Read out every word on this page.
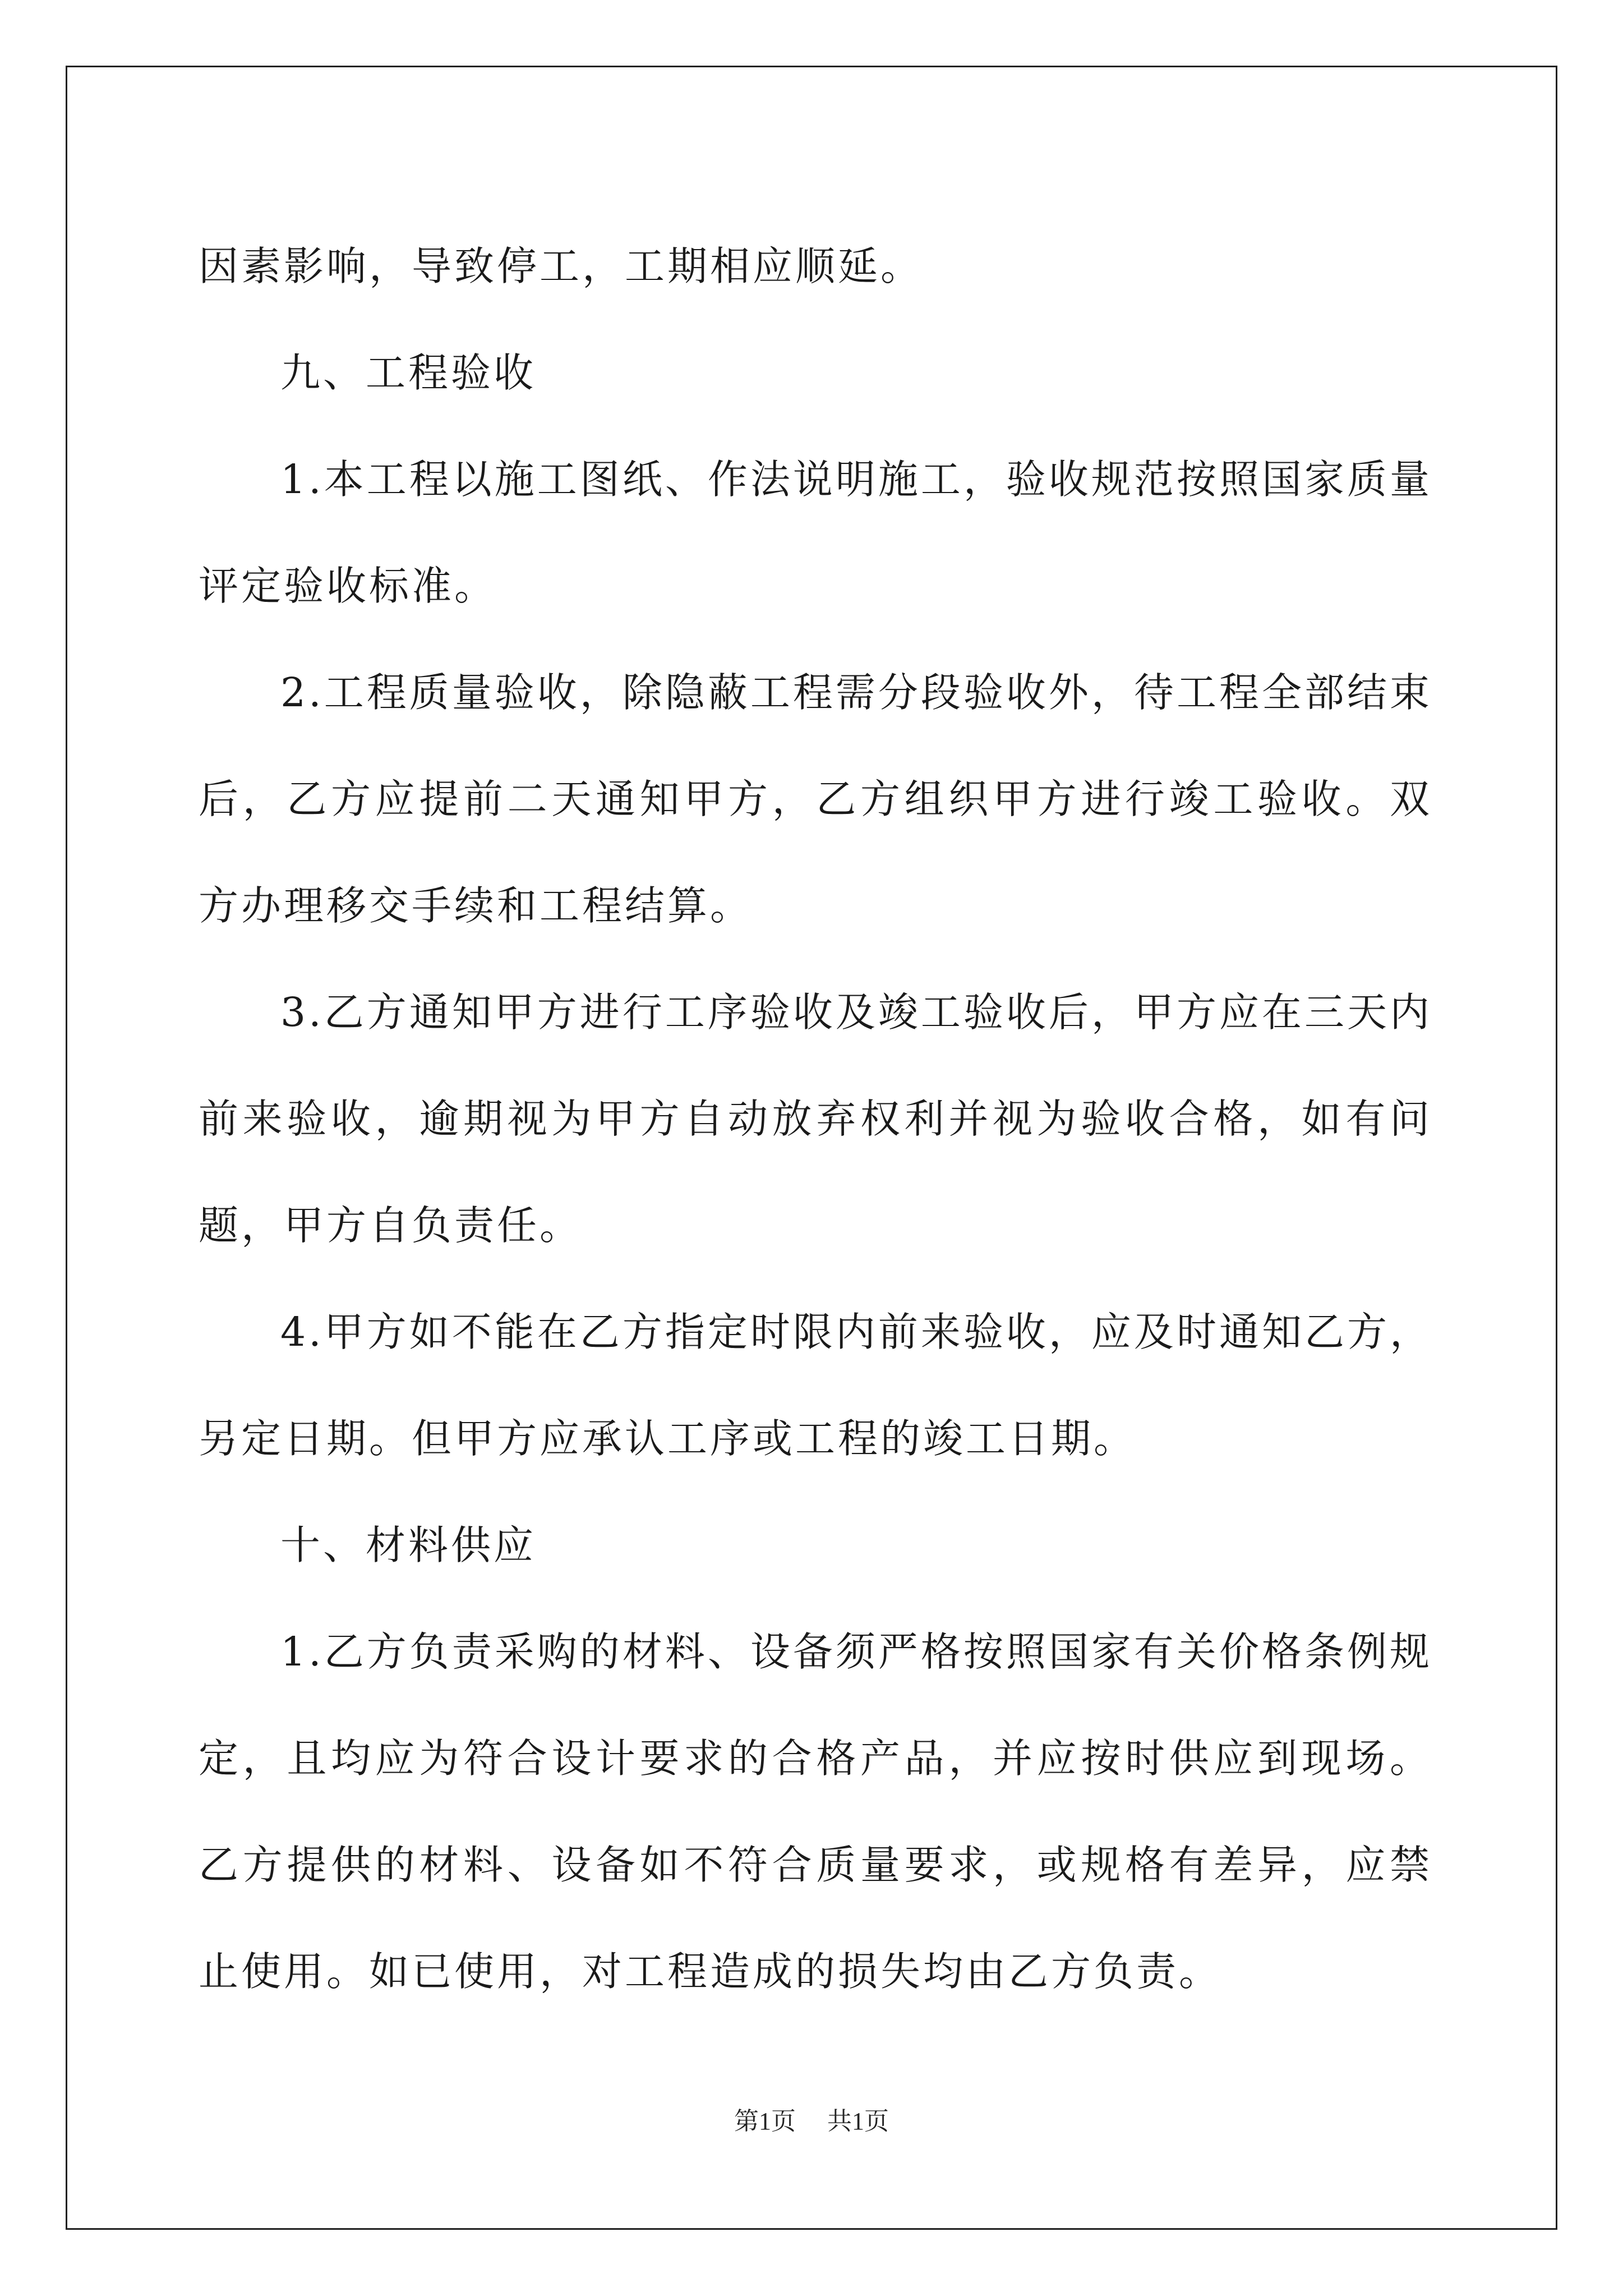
因素影响，导致停工，工期相应顺延。

九、工程验收

1.本工程以施工图纸、作法说明施工，验收规范按照国家质量评定验收标准。

2.工程质量验收，除隐蔽工程需分段验收外，待工程全部结束后，乙方应提前二天通知甲方，乙方组织甲方进行竣工验收。双方办理移交手续和工程结算。

3.乙方通知甲方进行工序验收及竣工验收后，甲方应在三天内前来验收，逾期视为甲方自动放弃权利并视为验收合格，如有问题，甲方自负责任。

4.甲方如不能在乙方指定时限内前来验收，应及时通知乙方，另定日期。但甲方应承认工序或工程的竣工日期。

十、材料供应

1.乙方负责采购的材料、设备须严格按照国家有关价格条例规定，且均应为符合设计要求的合格产品，并应按时供应到现场。乙方提供的材料、设备如不符合质量要求，或规格有差异，应禁止使用。如已使用，对工程造成的损失均由乙方负责。

第1页 共1页
